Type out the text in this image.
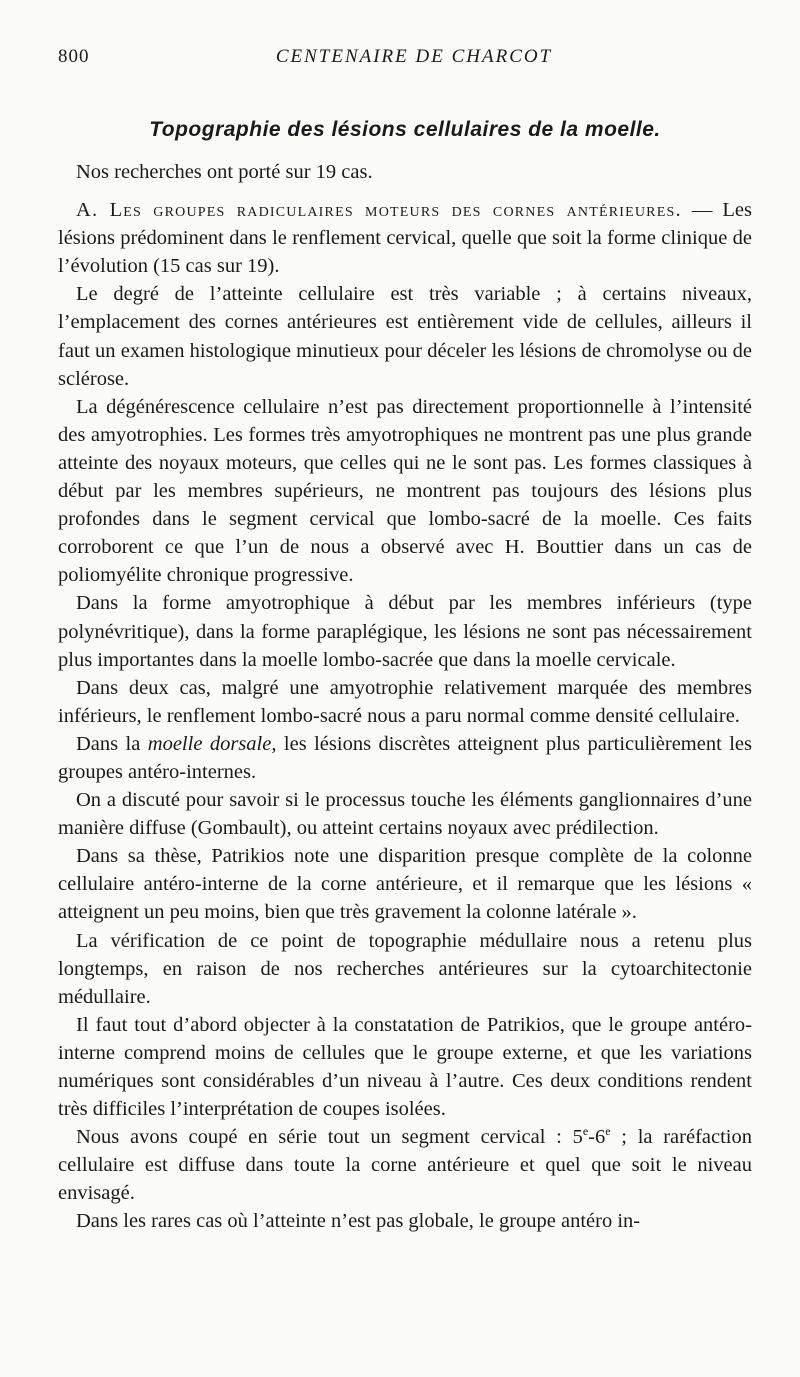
800	CENTENAIRE DE CHARCOT
Topographie des lésions cellulaires de la moelle.

Nos recherches ont porté sur 19 cas.

A. Les groupes radiculaires moteurs des cornes antérieures. — Les lésions prédominent dans le renflement cervical, quelle que soit la forme clinique de l’évolution (15 cas sur 19).

Le degré de l’atteinte cellulaire est très variable ; à certains niveaux, l’emplacement des cornes antérieures est entièrement vide de cellules, ailleurs il faut un examen histologique minutieux pour déceler les lésions de chromolyse ou de sclérose.

La dégénérescence cellulaire n’est pas directement proportionnelle à l’intensité des amyotrophies. Les formes très amyotrophiques ne montrent pas une plus grande atteinte des noyaux moteurs, que celles qui ne le sont pas. Les formes classiques à début par les membres supérieurs, ne montrent pas toujours des lésions plus profondes dans le segment cervical que lombo-sacré de la moelle. Ces faits corroborent ce que l’un de nous a observé avec H. Bouttier dans un cas de poliomyélite chronique progressive.

Dans la forme amyotrophique à début par les membres inférieurs (type polynévritique), dans la forme paraplégique, les lésions ne sont pas nécessairement plus importantes dans la moelle lombo-sacrée que dans la moelle cervicale.

Dans deux cas, malgré une amyotrophie relativement marquée des membres inférieurs, le renflement lombo-sacré nous a paru normal comme densité cellulaire.

Dans la moelle dorsale, les lésions discrètes atteignent plus particulièrement les groupes antéro-internes.

On a discuté pour savoir si le processus touche les éléments ganglionnaires d’une manière diffuse (Gombault), ou atteint certains noyaux avec prédilection.

Dans sa thèse, Patrikios note une disparition presque complète de la colonne cellulaire antéro-interne de la corne antérieure, et il remarque que les lésions « atteignent un peu moins, bien que très gravement la colonne latérale ».

La vérification de ce point de topographie médullaire nous a retenu plus longtemps, en raison de nos recherches antérieures sur la cytoarchitectonie médullaire.

Il faut tout d’abord objecter à la constatation de Patrikios, que le groupe antéro-interne comprend moins de cellules que le groupe externe, et que les variations numériques sont considérables d’un niveau à l’autre. Ces deux conditions rendent très difficiles l’interprétation de coupes isolées.

Nous avons coupé en série tout un segment cervical : 5e-6e ; la raréfaction cellulaire est diffuse dans toute la corne antérieure et quel que soit le niveau envisagé.

Dans les rares cas où l’atteinte n’est pas globale, le groupe antéro in-
